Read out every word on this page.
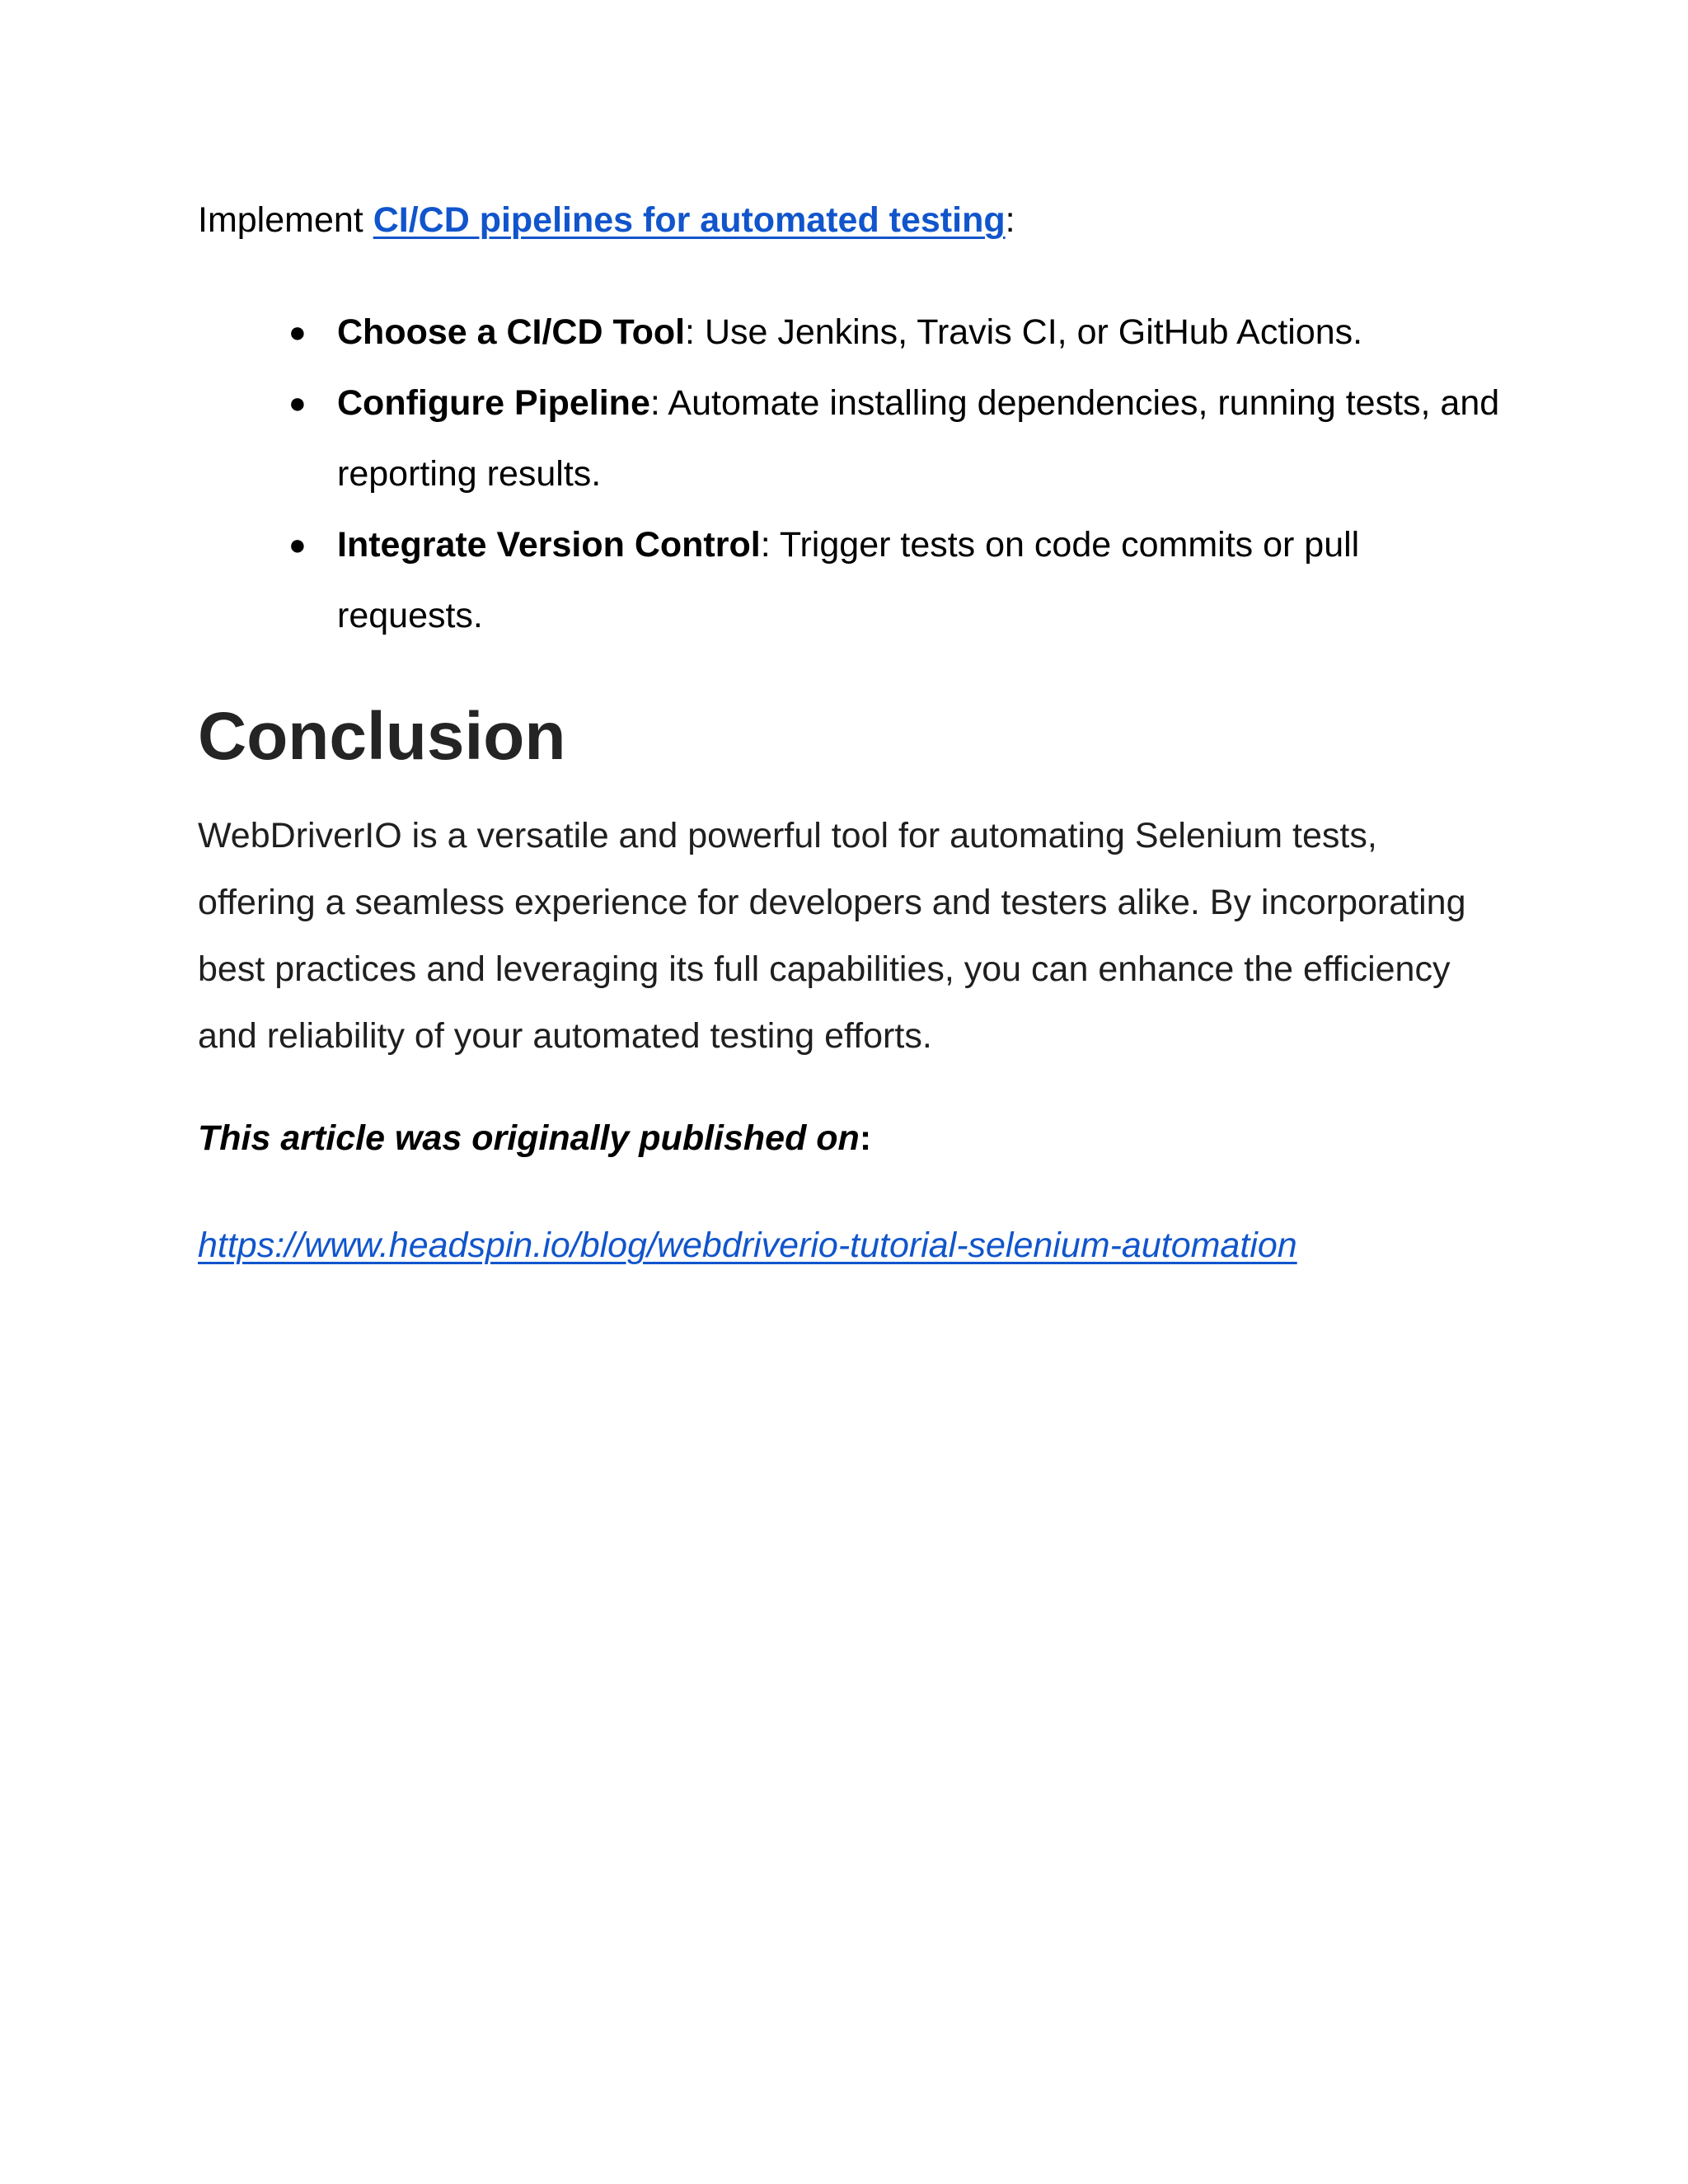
Implement CI/CD pipelines for automated testing:

● Choose a CI/CD Tool: Use Jenkins, Travis CI, or GitHub Actions.
● Configure Pipeline: Automate installing dependencies, running tests, and reporting results.
● Integrate Version Control: Trigger tests on code commits or pull requests.
Conclusion

WebDriverIO is a versatile and powerful tool for automating Selenium tests, offering a seamless experience for developers and testers alike. By incorporating best practices and leveraging its full capabilities, you can enhance the efficiency and reliability of your automated testing efforts.

This article was originally published on:

https://www.headspin.io/blog/webdriverio-tutorial-selenium-automation
